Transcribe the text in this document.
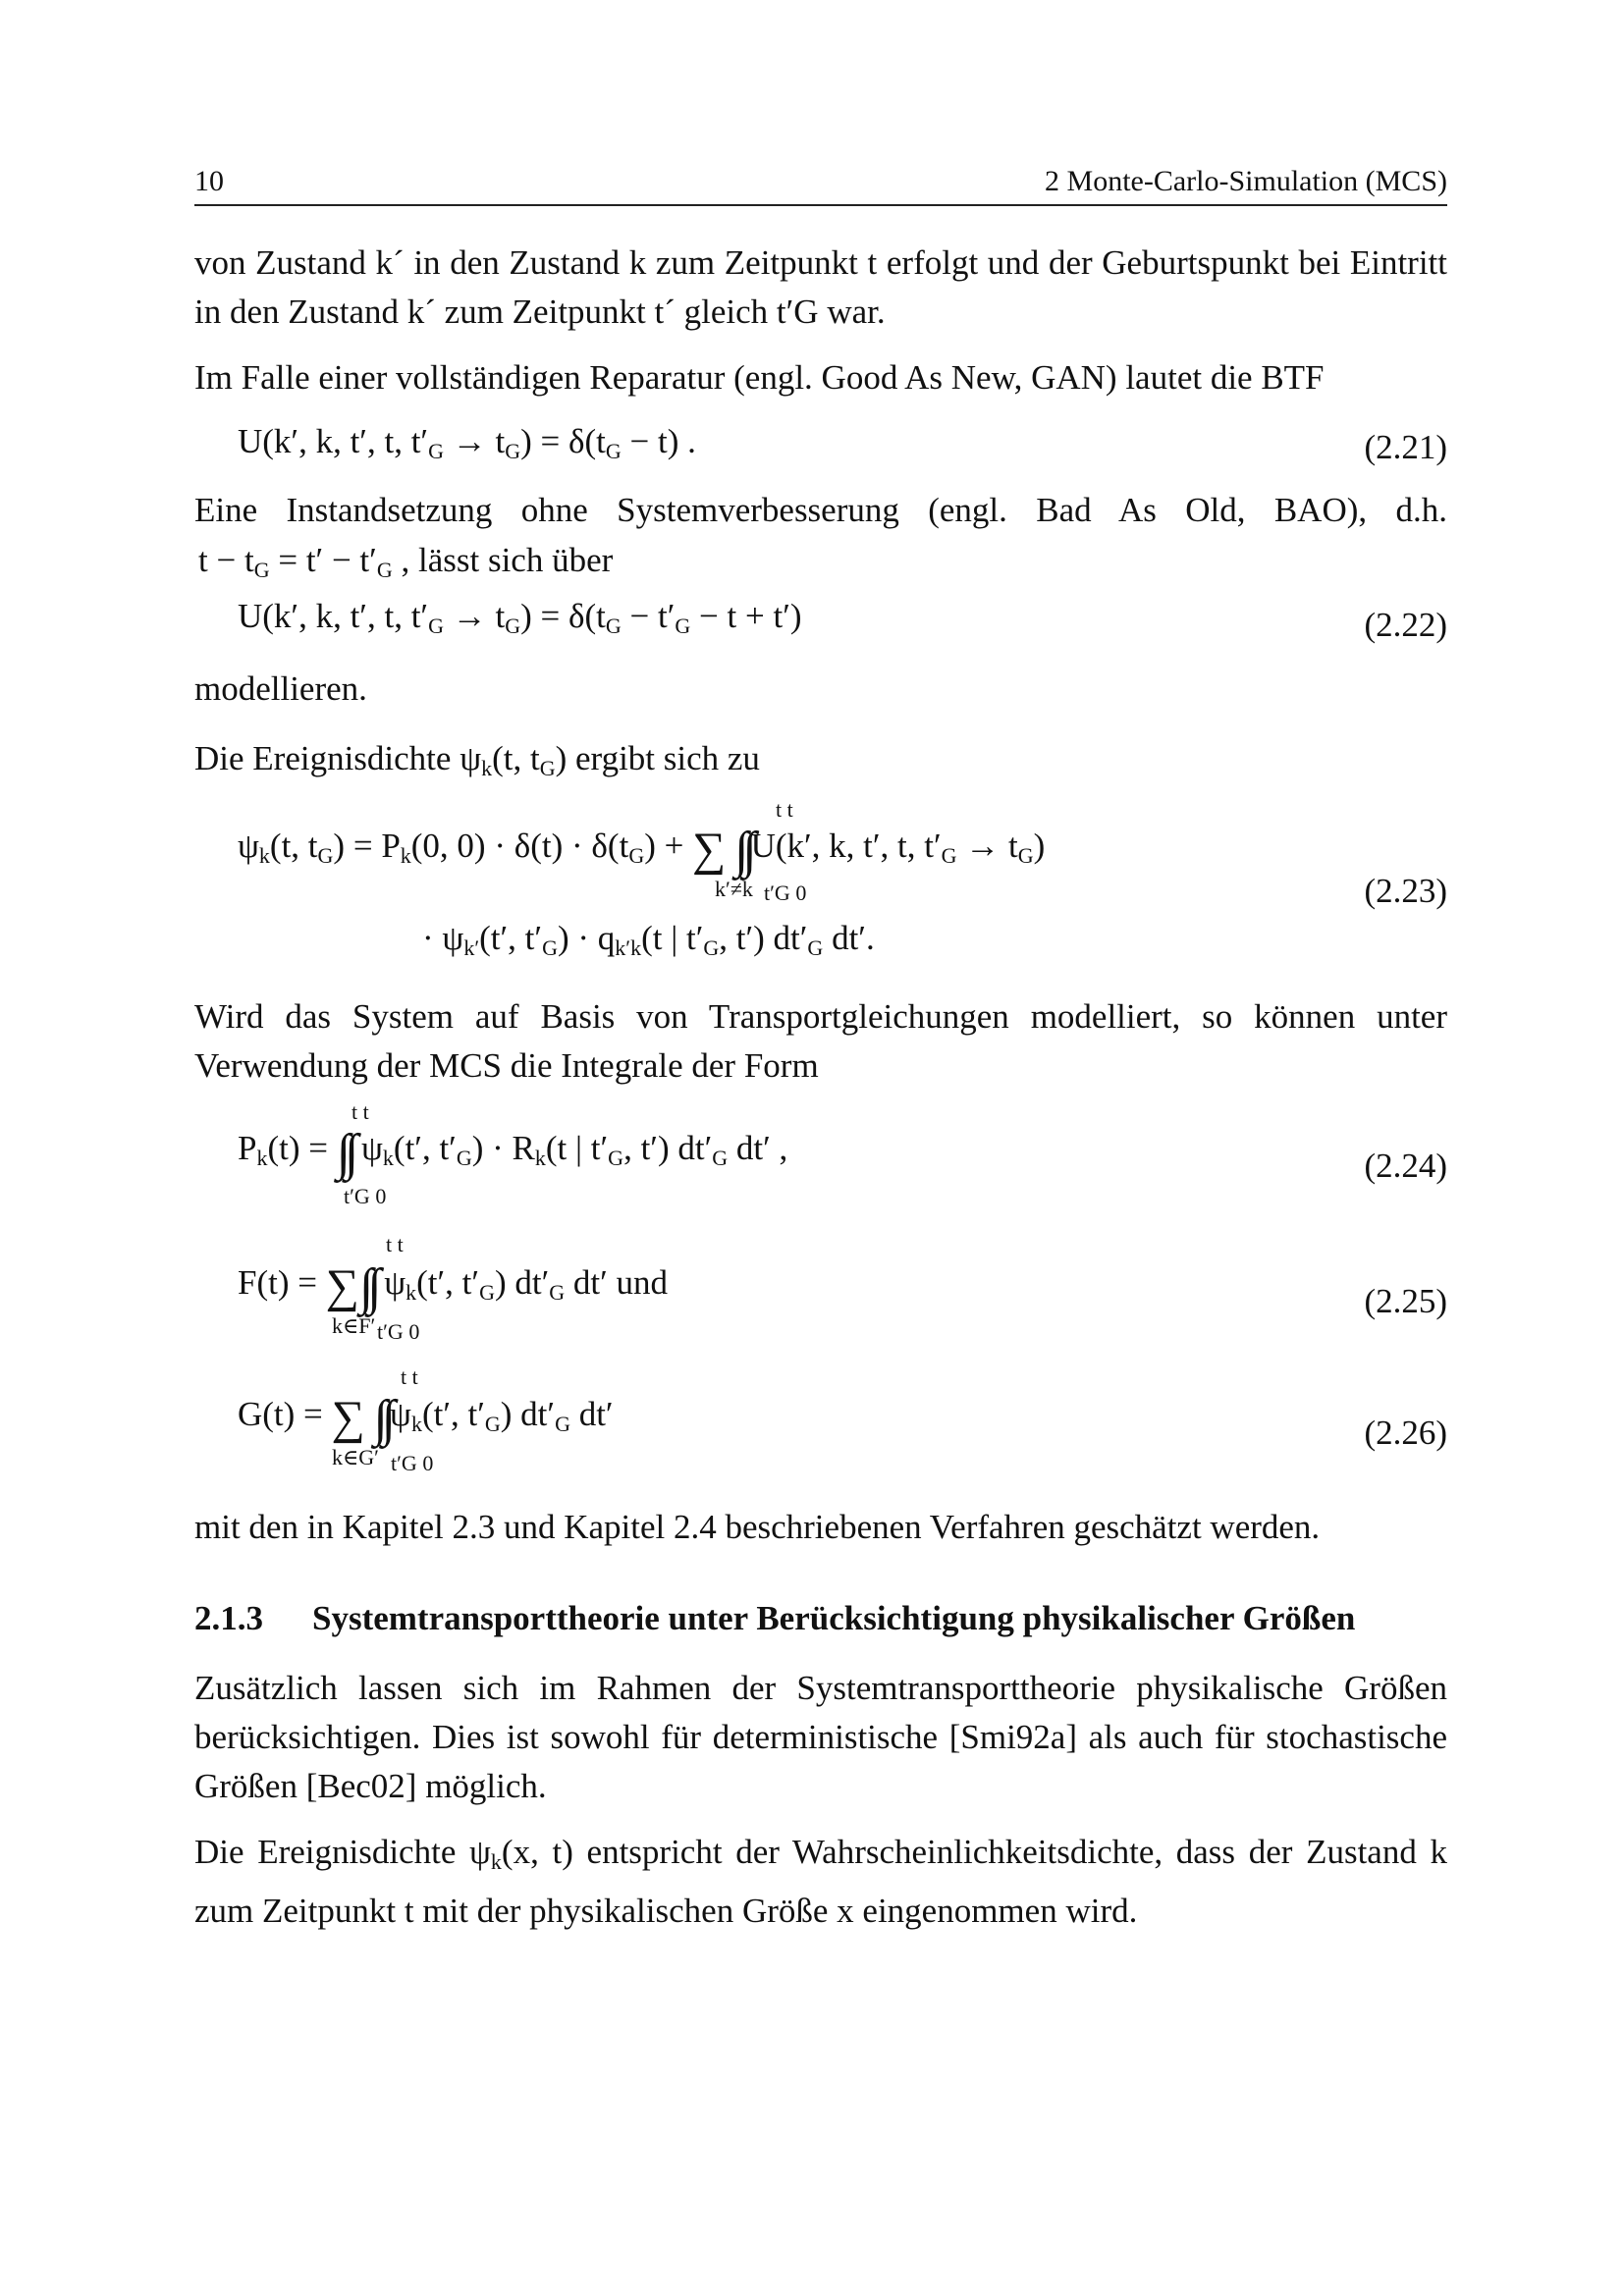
10	2 Monte-Carlo-Simulation (MCS)

von Zustand k´ in den Zustand k zum Zeitpunkt t erfolgt und der Geburtspunkt bei Eintritt in den Zustand k´ zum Zeitpunkt t´ gleich t′G war.

Im Falle einer vollständigen Reparatur (engl. Good As New, GAN) lautet die BTF

U(k′, k, t′, t, $t'_G \to t_G) = \delta(t_G - t)$ .	(2.21)

Eine Instandsetzung ohne Systemverbesserung (engl. Bad As Old, BAO), d.h.

$t - t_G = t' - t'_G$ , lässt sich über
U(k′, k, t′, t, $t'_G \to t_G) = \delta(t_G - t'_G - t + t')$	(2.22)

modellieren.

Die Ereignisdichte $\psi_k(t$, $t_G$) ergibt sich zu
t t
$\psi_k(t$, $t_G) = P_k(0$, $0) \cdot \delta(t) \cdot \delta(t_G)$ + ∑ ∫∫U(k′, k, t′, t, $t'_G \to t_G$)
k′≠k t′G 0	(2.23)
· $\psi_{k'}(t'$, $t'_G) \cdot q_{k'k}(t$ | $t'_G$, t′) $dt'_G$ dt′.

Wird das System auf Basis von Transportgleichungen modelliert, so können unter Verwendung der MCS die Integrale der Form

t t
$P_k(t)$ = ∫∫ $\psi_k(t'$, $t'_G) \cdot R_k(t$ | $t'_G$, t′) $dt'_G$ dt′ ,
t′G 0
(2.24)
t t
F(t) = ∑∫∫ $\psi_k(t'$, $t'_G$) $dt'_G$ dt′ und
k∈F′ t′G 0
(2.25)
t t
G(t) = ∑ $\int\int\psi_k(t'$, $t'_G$) $dt'_G$ dt′
k∈G′ t′G 0
(2.26)

mit den in Kapitel 2.3 und Kapitel 2.4 beschriebenen Verfahren geschätzt werden.

2.1.3 Systemtransporttheorie unter Berücksichtigung physikalischer Größen

Zusätzlich lassen sich im Rahmen der Systemtransporttheorie physikalische Größen berücksichtigen. Dies ist sowohl für deterministische [Smi92a] als auch für stochastische Größen [Bec02] möglich.

Die Ereignisdichte $\psi_k(x$, t) entspricht der Wahrscheinlichkeitsdichte, dass der Zustand k zum Zeitpunkt t mit der physikalischen Größe x eingenommen wird.
